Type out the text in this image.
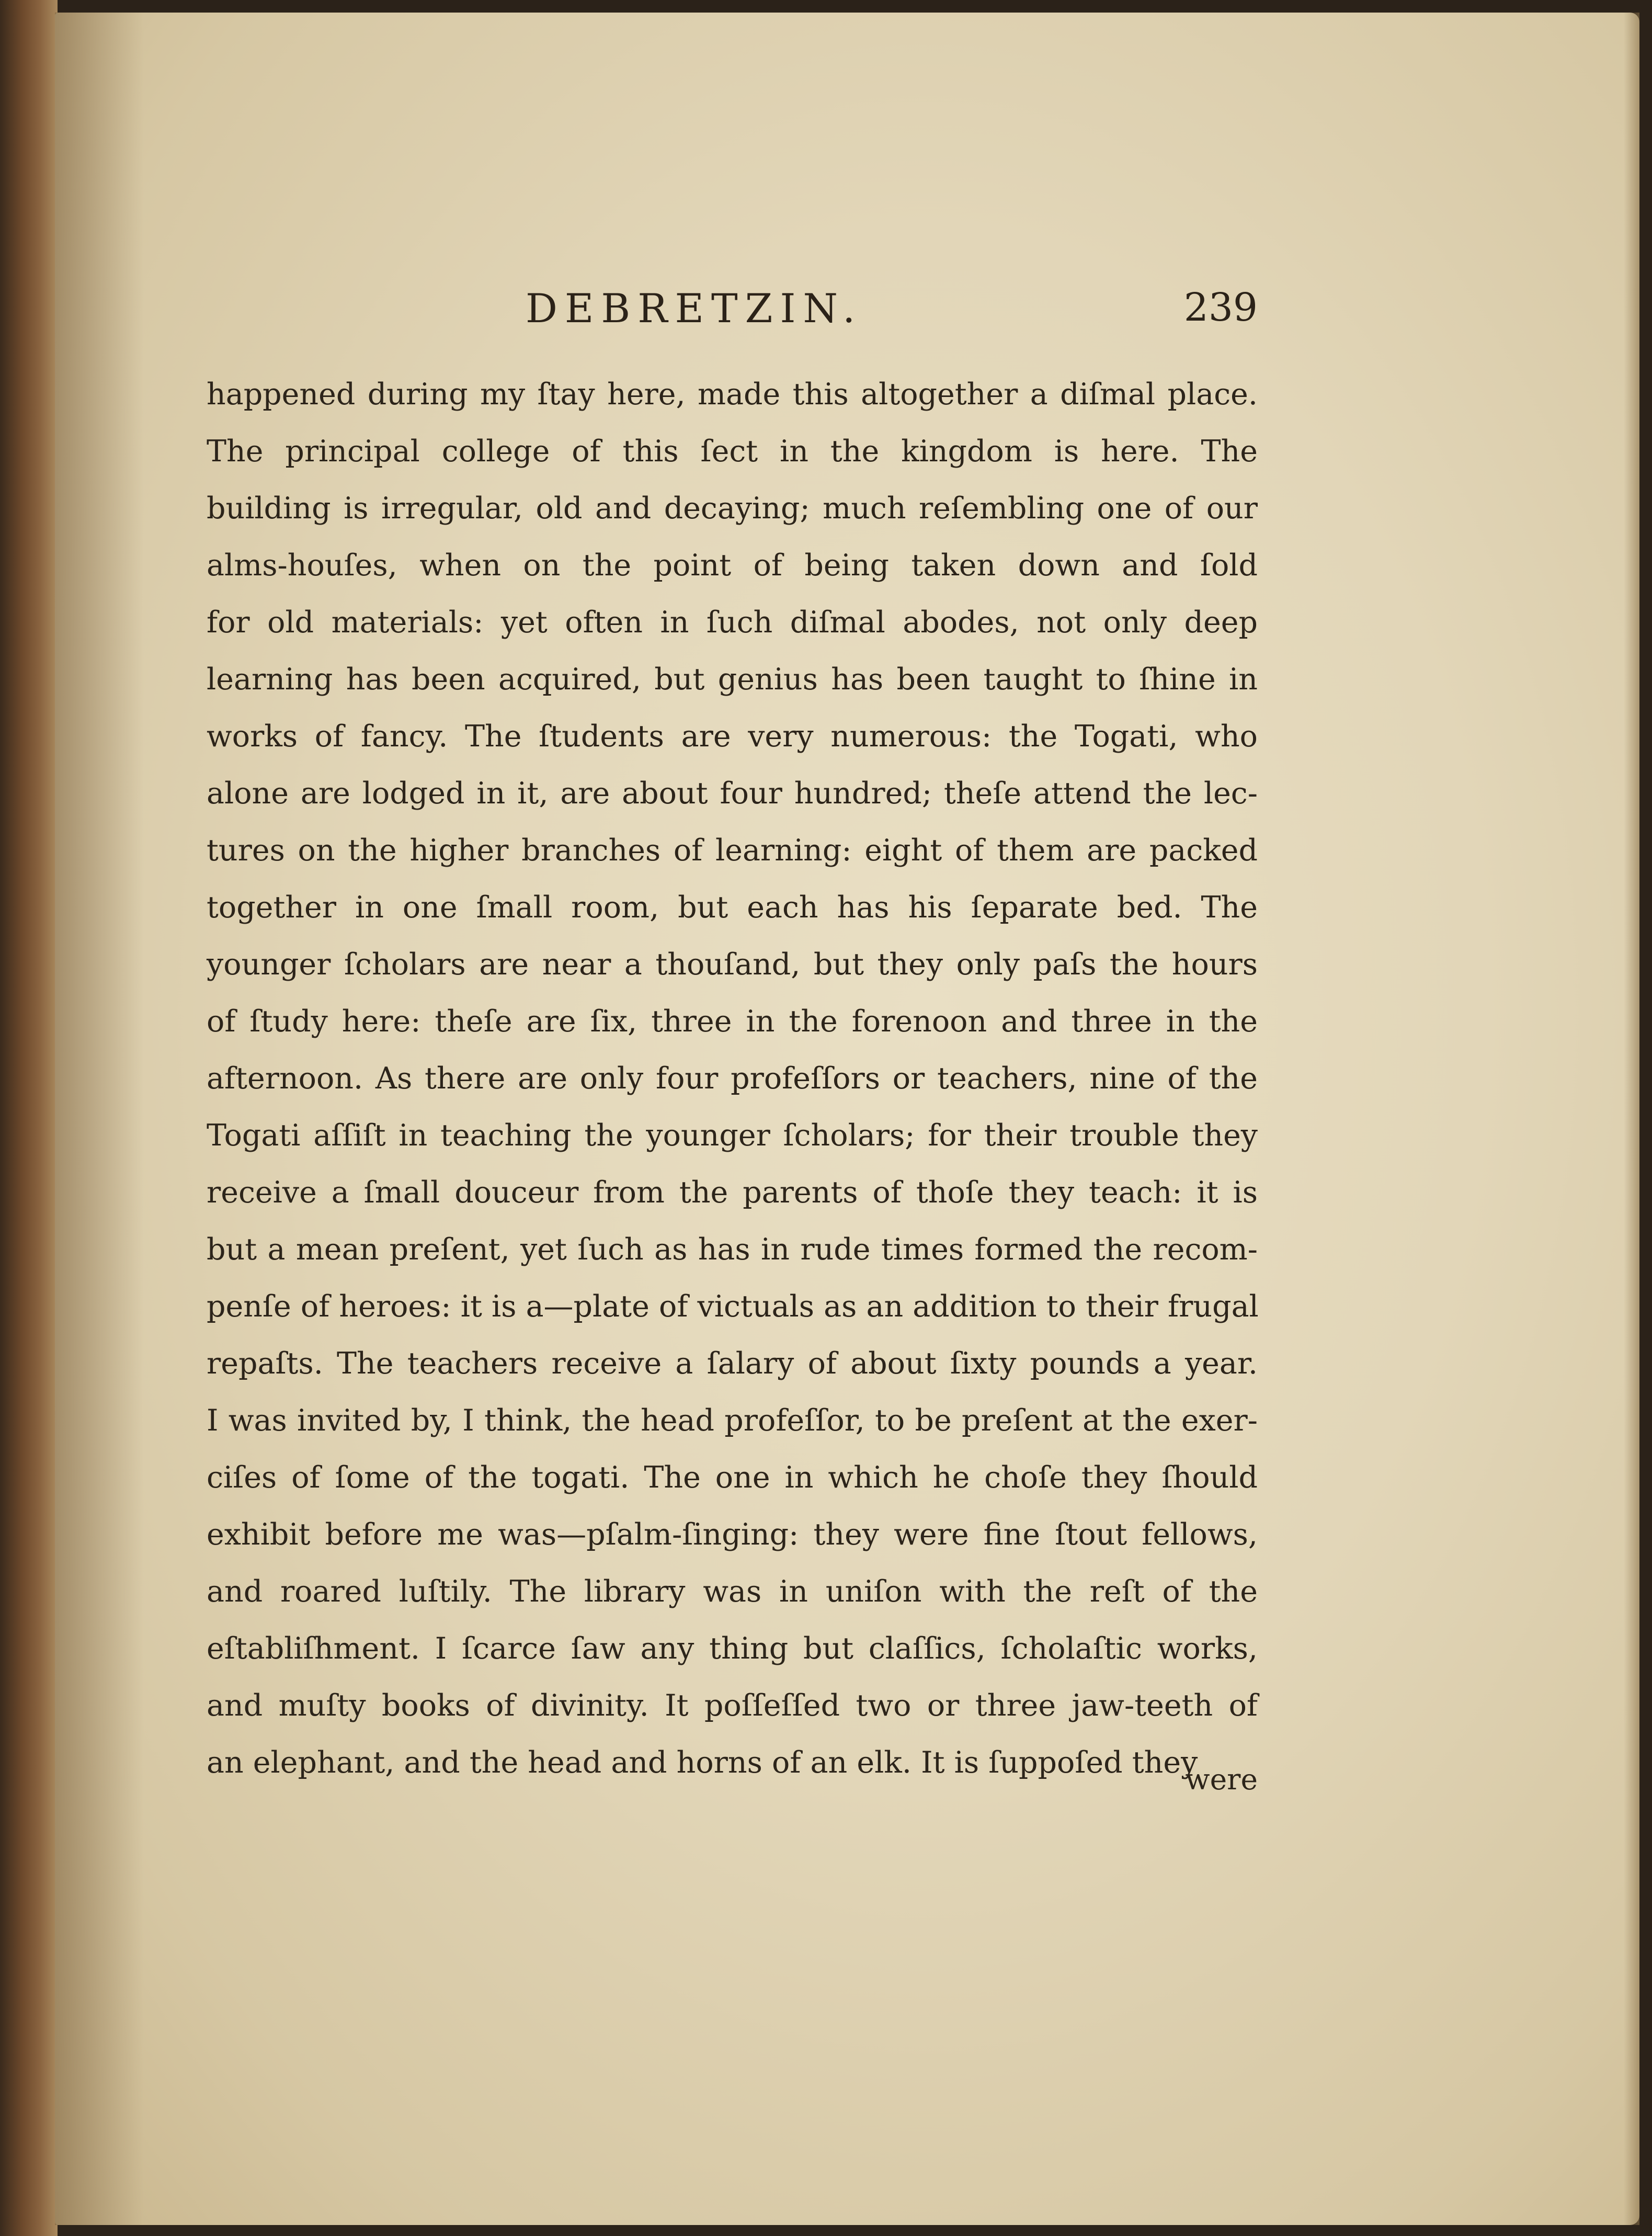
DEBRETZIN.	239
happened during my ſtay here, made this altogether a diſmal place.
The principal college of this ſect in the kingdom is here. The
building is irregular, old and decaying; much reſembling one of our
alms-houſes, when on the point of being taken down and ſold
for old materials: yet often in ſuch diſmal abodes, not only deep
learning has been acquired, but genius has been taught to ſhine in
works of fancy. The ſtudents are very numerous: the Togati, who
alone are lodged in it, are about four hundred; theſe attend the lec-
tures on the higher branches of learning: eight of them are packed
together in one ſmall room, but each has his ſeparate bed. The
younger ſcholars are near a thouſand, but they only paſs the hours
of ſtudy here: theſe are ſix, three in the forenoon and three in the
afternoon. As there are only four profeſſors or teachers, nine of the
Togati aſſiſt in teaching the younger ſcholars; for their trouble they
receive a ſmall douceur from the parents of thoſe they teach: it is
but a mean preſent, yet ſuch as has in rude times formed the recom-
penſe of heroes: it is a—plate of victuals as an addition to their frugal
repaſts. The teachers receive a ſalary of about ſixty pounds a year.
I was invited by, I think, the head profeſſor, to be preſent at the exer-
ciſes of ſome of the togati. The one in which he choſe they ſhould
exhibit before me was—pſalm-ſinging: they were fine ſtout fellows,
and roared luſtily. The library was in uniſon with the reſt of the
eſtabliſhment. I ſcarce ſaw any thing but claſſics, ſcholaſtic works,
and muſty books of divinity. It poſſeſſed two or three jaw-teeth of
an elephant, and the head and horns of an elk. It is ſuppoſed they
were
